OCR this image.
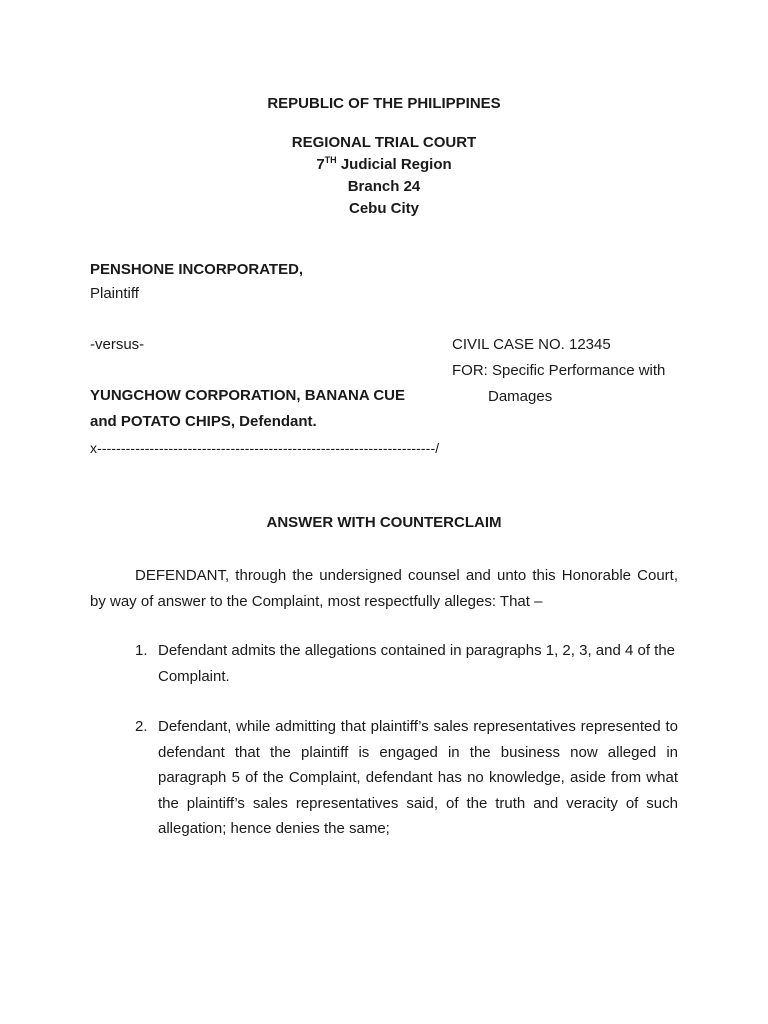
REPUBLIC OF THE PHILIPPINES
REGIONAL TRIAL COURT
7TH Judicial Region
Branch 24
Cebu City
PENSHONE INCORPORATED,
Plaintiff
-versus-	CIVIL CASE NO. 12345
FOR: Specific Performance with
YUNGCHOW CORPORATION, BANANA CUE	Damages
and POTATO CHIPS, Defendant.
x-----------------------------------------------------------------------/
ANSWER WITH COUNTERCLAIM
DEFENDANT, through the undersigned counsel and unto this Honorable Court, by way of answer to the Complaint, most respectfully alleges: That –
1. Defendant admits the allegations contained in paragraphs 1, 2, 3, and 4 of the Complaint.
2. Defendant, while admitting that plaintiff’s sales representatives represented to defendant that the plaintiff is engaged in the business now alleged in paragraph 5 of the Complaint, defendant has no knowledge, aside from what the plaintiff’s sales representatives said, of the truth and veracity of such allegation; hence denies the same;
